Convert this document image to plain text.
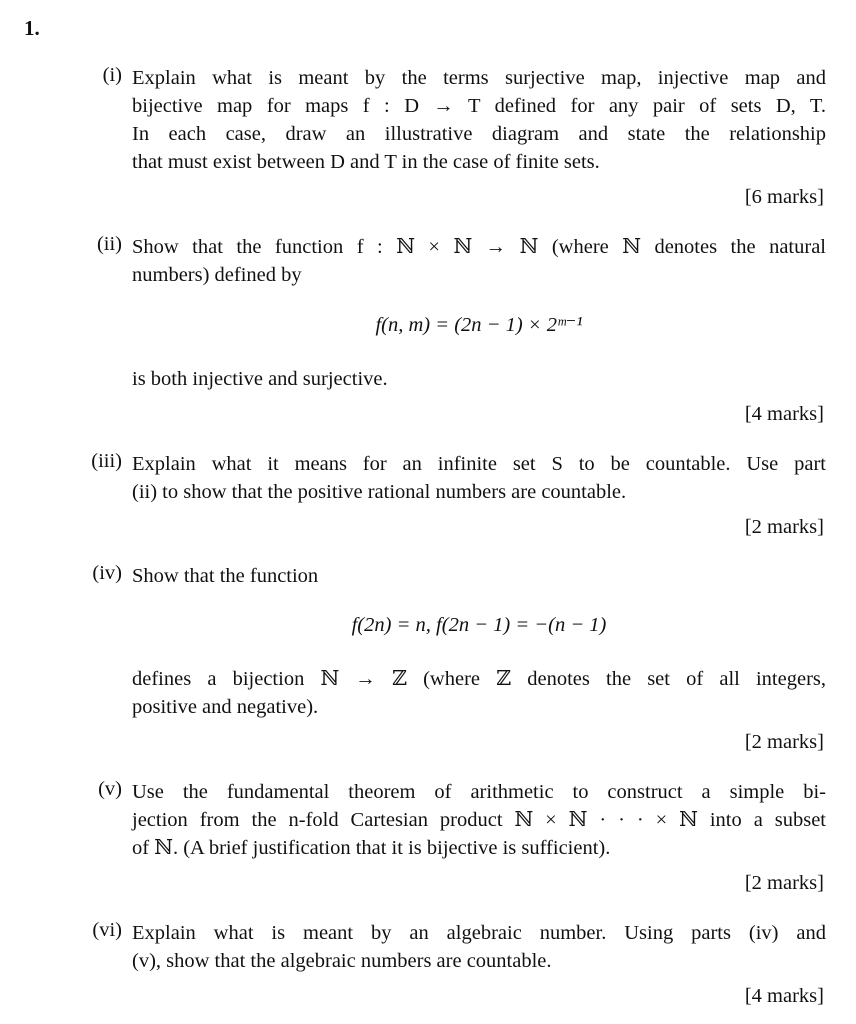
1.
(i) Explain what is meant by the terms surjective map, injective map and
bijective map for maps f : D → T defined for any pair of sets D, T.
In each case, draw an illustrative diagram and state the relationship
that must exist between D and T in the case of finite sets.
[6 marks]
(ii) Show that the function f : ℕ × ℕ → ℕ (where ℕ denotes the natural
numbers) defined by
f(n, m) = (2n − 1) × 2ᵐ⁻¹
is both injective and surjective.
[4 marks]
(iii) Explain what it means for an infinite set S to be countable. Use part
(ii) to show that the positive rational numbers are countable.
[2 marks]
(iv) Show that the function
f(2n) = n, f(2n − 1) = −(n − 1)
defines a bijection ℕ → ℤ (where ℤ denotes the set of all integers,
positive and negative).
[2 marks]
(v) Use the fundamental theorem of arithmetic to construct a simple bi-
jection from the n-fold Cartesian product ℕ × ℕ · · · × ℕ into a subset
of ℕ. (A brief justification that it is bijective is sufficient).
[2 marks]
(vi) Explain what is meant by an algebraic number. Using parts (iv) and
(v), show that the algebraic numbers are countable.
[4 marks]
